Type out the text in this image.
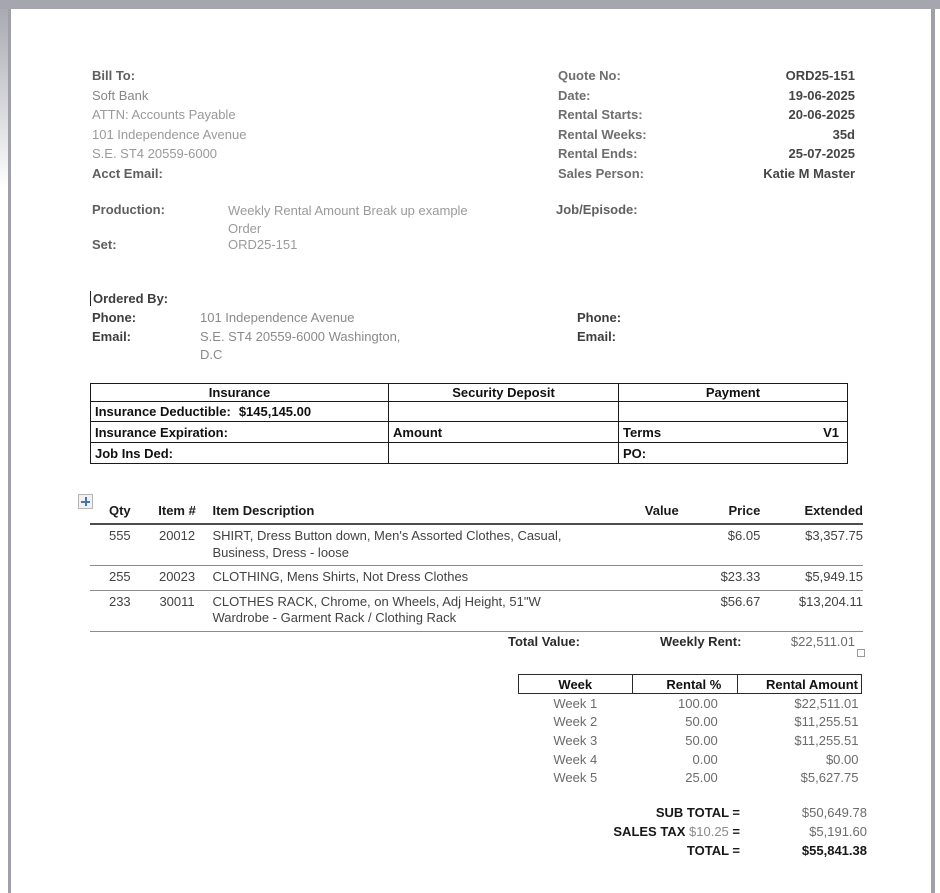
Bill To:
Soft Bank
ATTN: Accounts Payable
101 Independence Avenue
S.E. ST4 20559-6000
Acct Email:
Quote No:	ORD25-151
Date:	19-06-2025
Rental Starts:	20-06-2025
Rental Weeks:	35d
Rental Ends:	25-07-2025
Sales Person:	Katie M Master
Production:	Weekly Rental Amount Break up example
Order
Job/Episode:
Set:	ORD25-151
Ordered By:
Phone:	101 Independence Avenue	Phone:
Email:	S.E. ST4 20559-6000 Washington,
D.C
Email:
Insurance	Security Deposit	Payment
Insurance Deductible: $145,145.00		
Insurance Expiration:	Amount	Terms V1

Job Ins Ded:		PO:
Qty	Item #	Item Description	Value	Price	Extended
555	20012	SHIRT, Dress Button down, Men's Assorted Clothes, Casual,
Business, Dress - loose		$6.05	$3,357.75
255	20023	CLOTHING, Mens Shirts, Not Dress Clothes		$23.33	$5,949.15
233	30011	CLOTHES RACK, Chrome, on Wheels, Adj Height, 51"W
Wardrobe - Garment Rack / Clothing Rack		$56.67	$13,204.11
Total Value:	Weekly Rent:	$22,511.01
Week	Rental %	Rental Amount
Week 1	100.00	$22,511.01
Week 2	50.00	$11,255.51
Week 3	50.00	$11,255.51
Week 4	0.00	$0.00
Week 5	25.00	$5,627.75
SUB TOTAL =	$50,649.78
SALES TAX $10.25 =	$5,191.60
TOTAL =	$55,841.38
